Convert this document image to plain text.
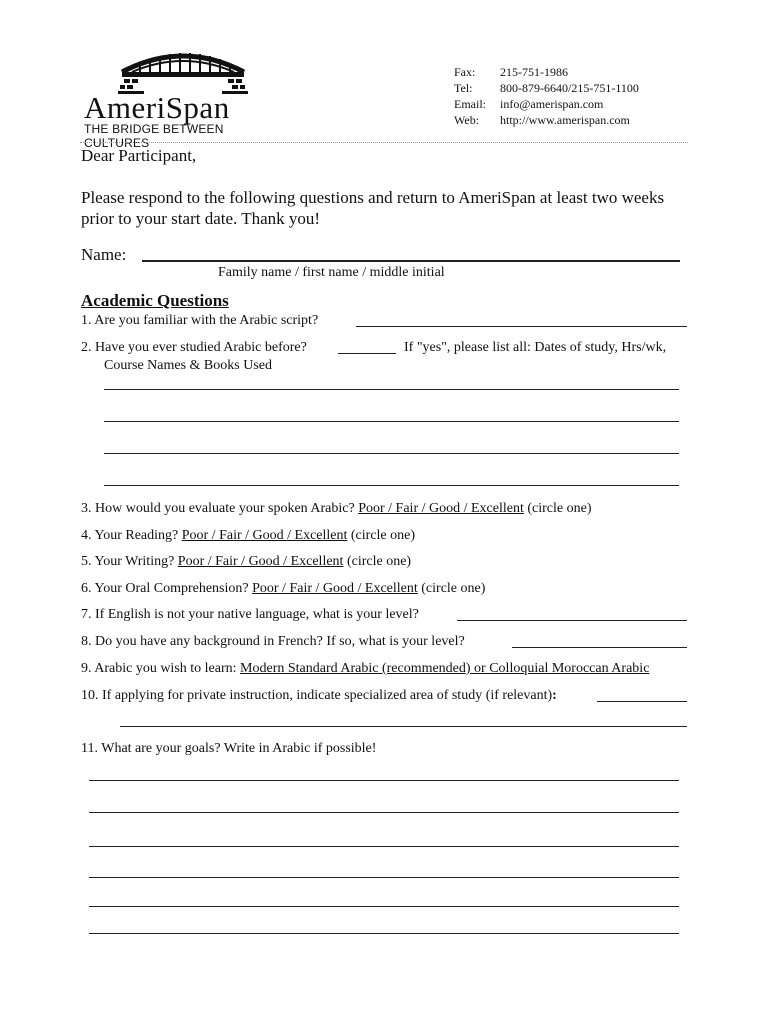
AmeriSpan
THE BRIDGE BETWEEN CULTURES
Fax: 215-751-1986
Tel: 800-879-6640/215-751-1100
Email: info@amerispan.com
Web: http://www.amerispan.com
Dear Participant,
Please respond to the following questions and return to AmeriSpan at least two weeks
prior to your start date. Thank you!
Name:
Family name / first name / middle initial
Academic Questions
1. Are you familiar with the Arabic script?
2. Have you ever studied Arabic before?	If "yes", please list all: Dates of study, Hrs/wk,
Course Names & Books Used
3. How would you evaluate your spoken Arabic? Poor / Fair / Good / Excellent (circle one)
4. Your Reading? Poor / Fair / Good / Excellent (circle one)
5. Your Writing? Poor / Fair / Good / Excellent (circle one)
6. Your Oral Comprehension? Poor / Fair / Good / Excellent (circle one)
7. If English is not your native language, what is your level?
8. Do you have any background in French? If so, what is your level?
9. Arabic you wish to learn: Modern Standard Arabic (recommended) or Colloquial Moroccan Arabic
10. If applying for private instruction, indicate specialized area of study (if relevant):
11. What are your goals? Write in Arabic if possible!
